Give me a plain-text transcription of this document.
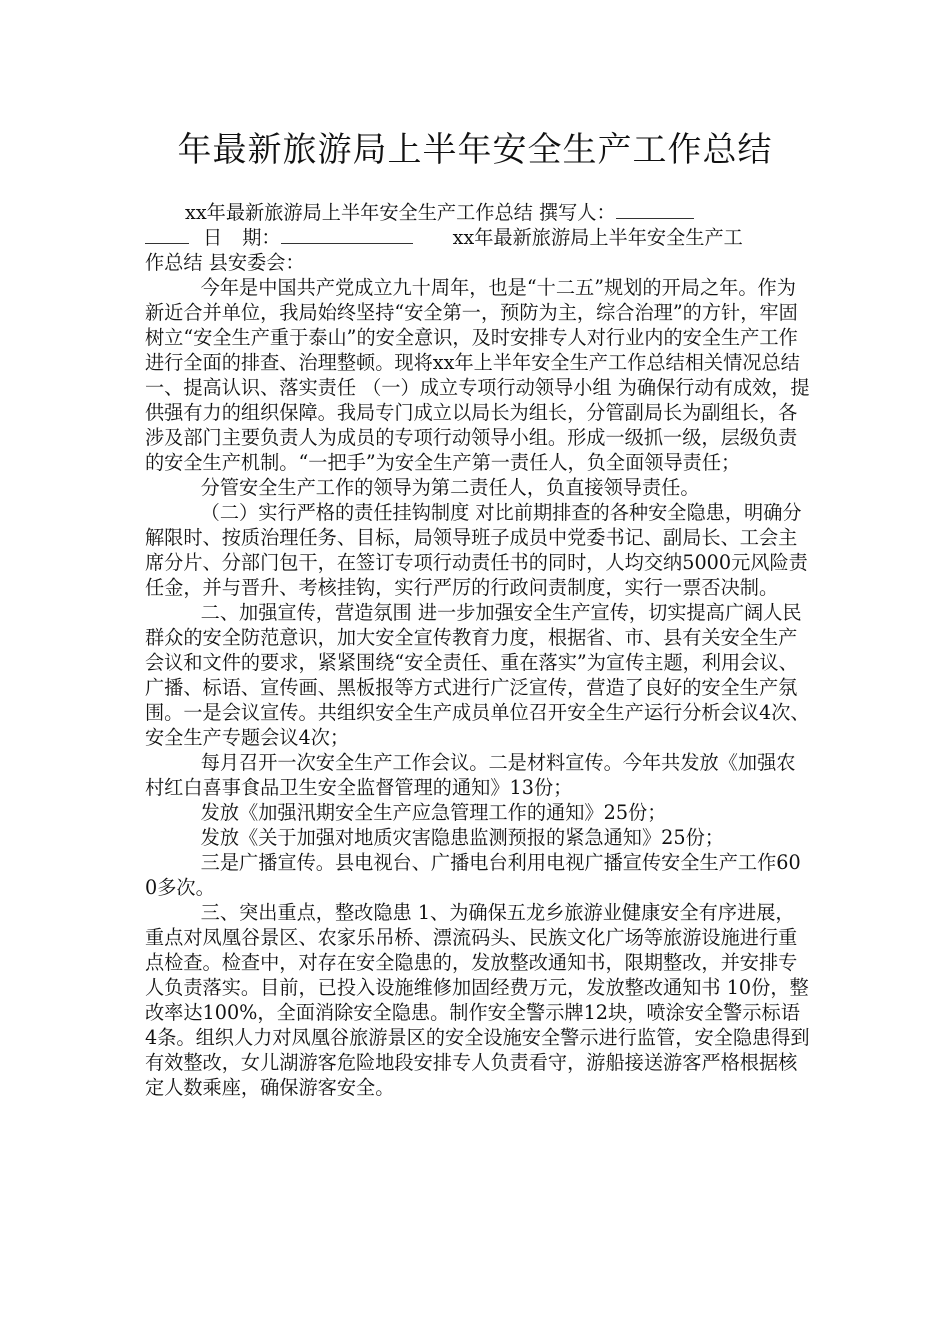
年最新旅游局上半年安全生产工作总结

xx年最新旅游局上半年安全生产工作总结 撰写人：
日 期：	xx年最新旅游局上半年安全生产工
作总结 县安委会：

今年是中国共产党成立九十周年，也是“十二五”规划的开局之年。作为新近合并单位，我局始终坚持“安全第一，预防为主，综合治理”的方针，牢固树立“安全生产重于泰山”的安全意识，及时安排专人对行业内的安全生产工作进行全面的排查、治理整顿。现将xx年上半年安全生产工作总结相关情况总结 一、提高认识、落实责任 （一）成立专项行动领导小组 为确保行动有成效，提供强有力的组织保障。我局专门成立以局长为组长，分管副局长为副组长，各涉及部门主要负责人为成员的专项行动领导小组。形成一级抓一级，层级负责的安全生产机制。“一把手”为安全生产第一责任人，负全面领导责任；

分管安全生产工作的领导为第二责任人，负直接领导责任。

（二）实行严格的责任挂钩制度 对比前期排查的各种安全隐患，明确分解限时、按质治理任务、目标，局领导班子成员中党委书记、副局长、工会主席分片、分部门包干，在签订专项行动责任书的同时，人均交纳5000元风险责任金，并与晋升、考核挂钩，实行严厉的行政问责制度，实行一票否决制。

二、加强宣传，营造氛围 进一步加强安全生产宣传，切实提高广阔人民群众的安全防范意识，加大安全宣传教育力度，根据省、市、县有关安全生产会议和文件的要求，紧紧围绕“安全责任、重在落实”为宣传主题，利用会议、广播、标语、宣传画、黑板报等方式进行广泛宣传，营造了良好的安全生产氛围。一是会议宣传。共组织安全生产成员单位召开安全生产运行分析会议4次、安全生产专题会议4次；

每月召开一次安全生产工作会议。二是材料宣传。今年共发放《加强农村红白喜事食品卫生安全监督管理的通知》13份；

发放《加强汛期安全生产应急管理工作的通知》25份；

发放《关于加强对地质灾害隐患监测预报的紧急通知》25份；

三是广播宣传。县电视台、广播电台利用电视广播宣传安全生产工作600多次。

三、突出重点，整改隐患 1、为确保五龙乡旅游业健康安全有序进展，重点对凤凰谷景区、农家乐吊桥、漂流码头、民族文化广场等旅游设施进行重点检查。检查中，对存在安全隐患的，发放整改通知书，限期整改，并安排专人负责落实。目前，已投入设施维修加固经费万元，发放整改通知书 10份，整改率达100%，全面消除安全隐患。制作安全警示牌12块，喷涂安全警示标语4条。组织人力对凤凰谷旅游景区的安全设施安全警示进行监管，安全隐患得到有效整改，女儿湖游客危险地段安排专人负责看守，游船接送游客严格根据核定人数乘座，确保游客安全。
